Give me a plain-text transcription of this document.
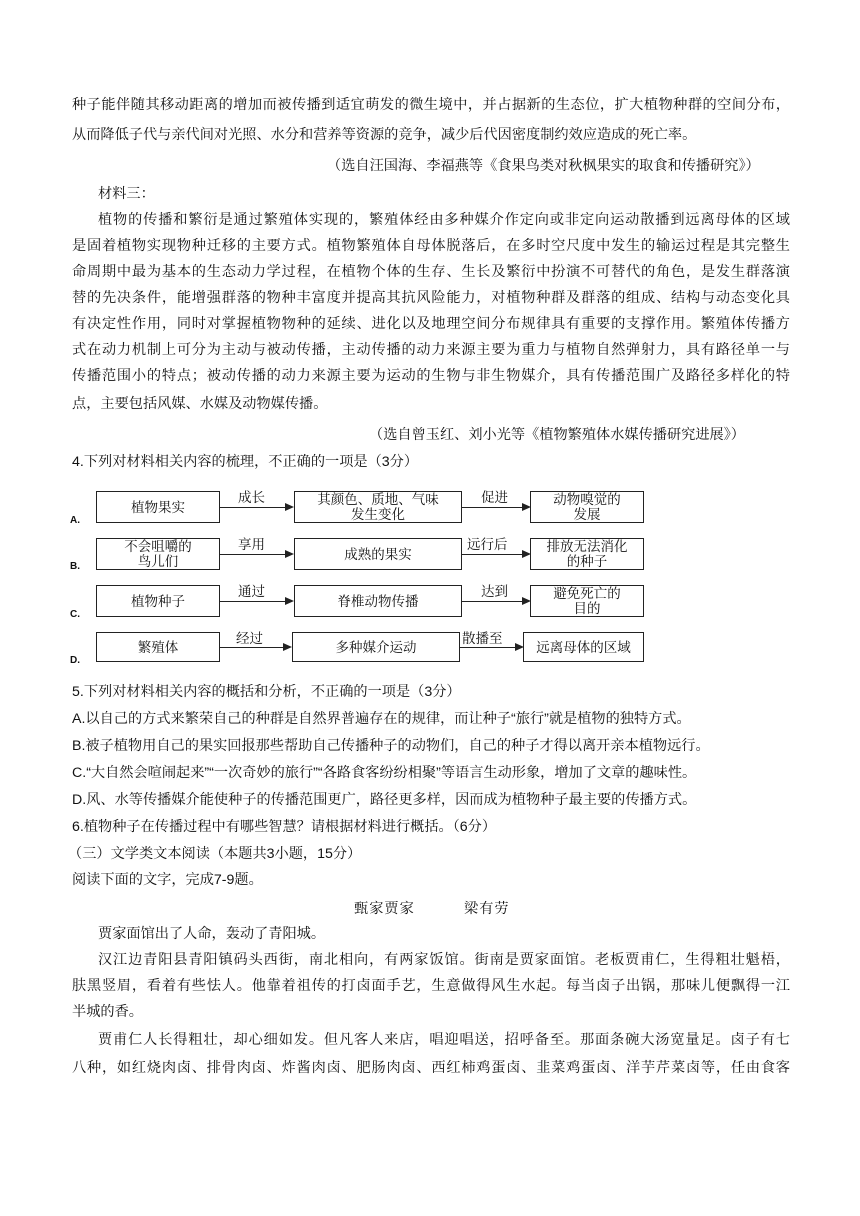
种子能伴随其移动距离的增加而被传播到适宜萌发的微生境中，并占据新的生态位，扩大植物种群的空间分布，
从而降低子代与亲代间对光照、水分和营养等资源的竞争，减少后代因密度制约效应造成的死亡率。
（选自汪国海、李福燕等《食果鸟类对秋枫果实的取食和传播研究》）
材料三：
植物的传播和繁衍是通过繁殖体实现的，繁殖体经由多种媒介作定向或非定向运动散播到远离母体的区域
是固着植物实现物种迁移的主要方式。植物繁殖体自母体脱落后，在多时空尺度中发生的输运过程是其完整生
命周期中最为基本的生态动力学过程，在植物个体的生存、生长及繁衍中扮演不可替代的角色，是发生群落演
替的先决条件，能增强群落的物种丰富度并提高其抗风险能力，对植物种群及群落的组成、结构与动态变化具
有决定性作用，同时对掌握植物物种的延续、进化以及地理空间分布规律具有重要的支撑作用。繁殖体传播方
式在动力机制上可分为主动与被动传播，主动传播的动力来源主要为重力与植物自然弹射力，具有路径单一与
传播范围小的特点；被动传播的动力来源主要为运动的生物与非生物媒介，具有传播范围广及路径多样化的特
点，主要包括风媒、水媒及动物媒传播。
（选自曾玉红、刘小光等《植物繁殖体水媒传播研究进展》）
4.下列对材料相关内容的梳理，不正确的一项是（3分）
A.
植物果实
成长	其颜色、质地、气味
发生变化
促进	动物嗅觉的
发展
B.
不会咀嚼的
鸟儿们
享用
成熟的果实
远行后	排放无法消化
的种子
C.
植物种子
通过
脊椎动物传播
达到	避免死亡的
目的
D.
繁殖体
经过
多种媒介运动
散播至
远离母体的区域
5.下列对材料相关内容的概括和分析，不正确的一项是（3分）
A.以自己的方式来繁荣自己的种群是自然界普遍存在的规律，而让种子“旅行”就是植物的独特方式。
B.被子植物用自己的果实回报那些帮助自己传播种子的动物们，自己的种子才得以离开亲本植物远行。
C.“大自然会喧闹起来”“一次奇妙的旅行”“各路食客纷纷相聚”等语言生动形象，增加了文章的趣味性。
D.风、水等传播媒介能使种子的传播范围更广，路径更多样，因而成为植物种子最主要的传播方式。
6.植物种子在传播过程中有哪些智慧？请根据材料进行概括。（6分）
（三）文学类文本阅读（本题共3小题，15分）
阅读下面的文字，完成7-9题。
甄家贾家	梁有劳
贾家面馆出了人命，轰动了青阳城。
汉江边青阳县青阳镇码头西街，南北相向，有两家饭馆。街南是贾家面馆。老板贾甫仁，生得粗壮魁梧，
肤黑竖眉，看着有些怯人。他靠着祖传的打卤面手艺，生意做得风生水起。每当卤子出锅，那味儿便飘得一江
半城的香。
贾甫仁人长得粗壮，却心细如发。但凡客人来店，唱迎唱送，招呼备至。那面条碗大汤宽量足。卤子有七
八种，如红烧肉卤、排骨肉卤、炸酱肉卤、肥肠肉卤、西红柿鸡蛋卤、韭菜鸡蛋卤、洋芋芹菜卤等，任由食客
